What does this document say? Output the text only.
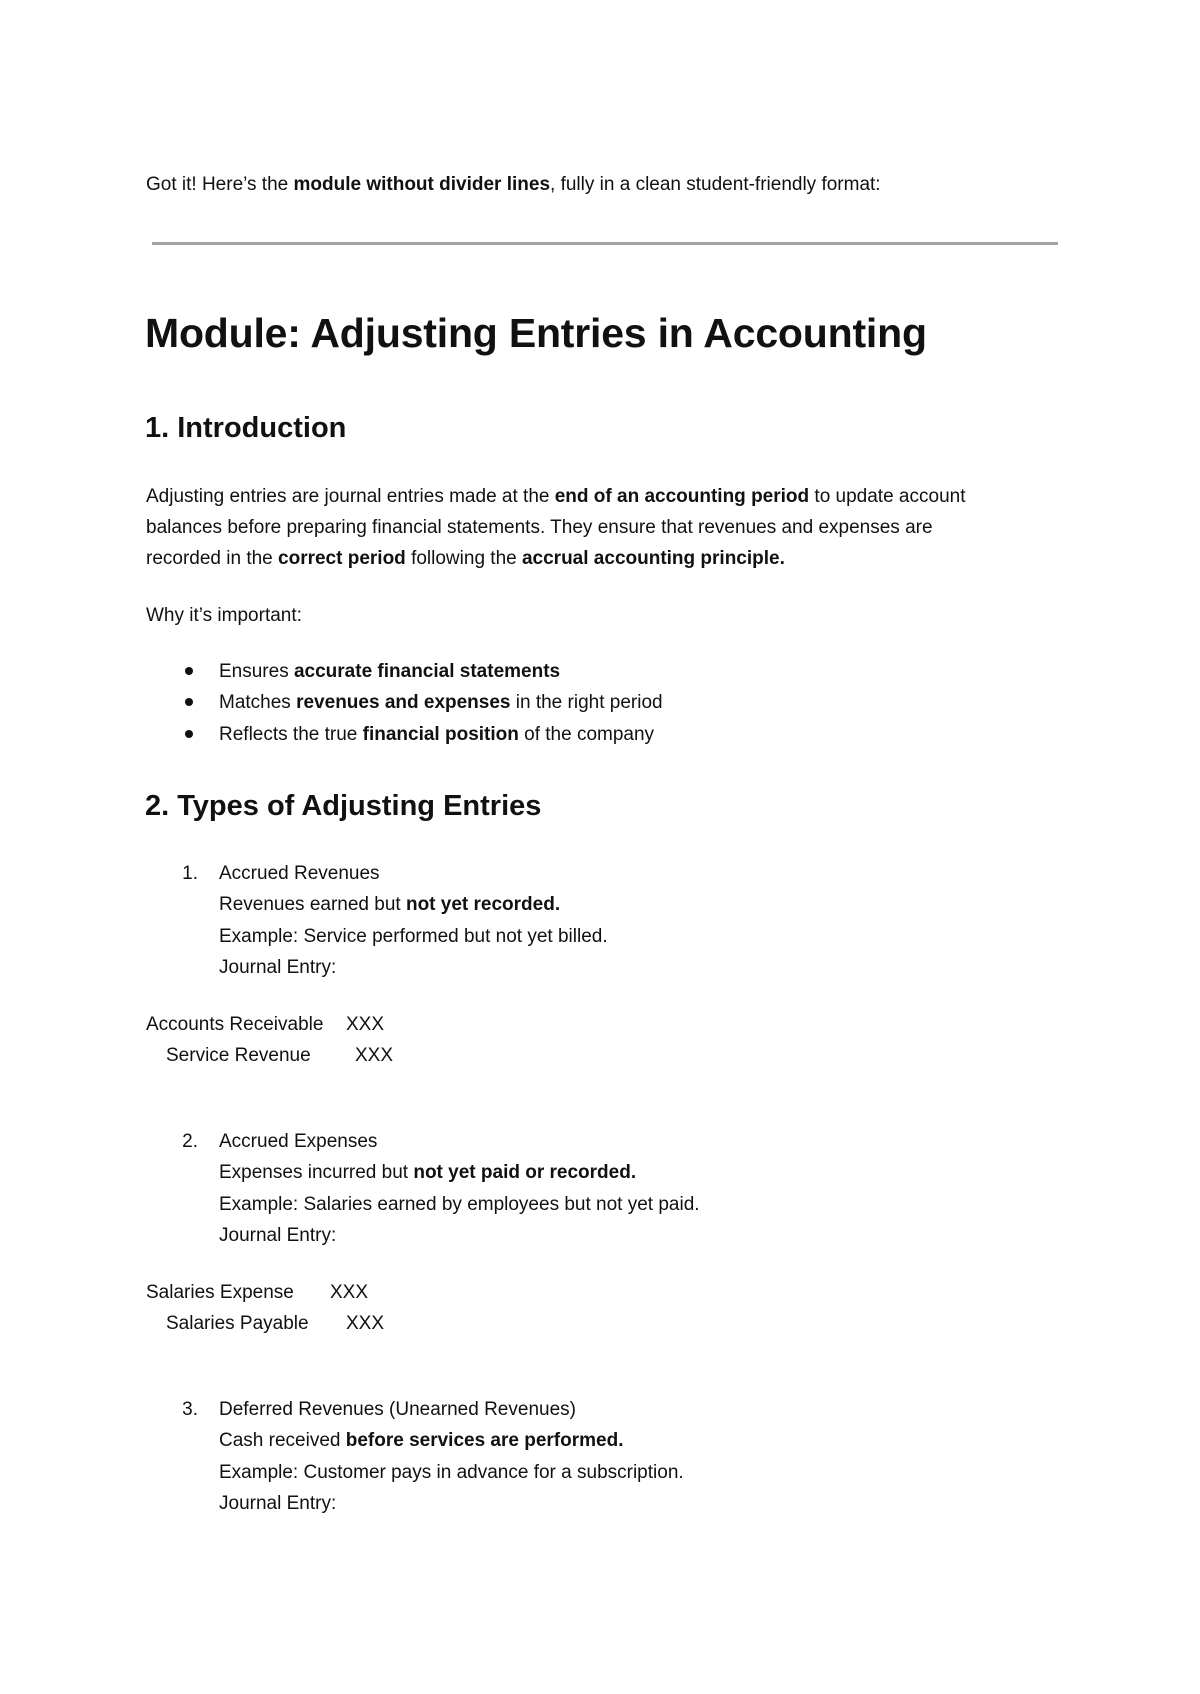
Got it! Here’s the module without divider lines, fully in a clean student-friendly format:
Module: Adjusting Entries in Accounting
1. Introduction
Adjusting entries are journal entries made at the end of an accounting period to update account
balances before preparing financial statements. They ensure that revenues and expenses are
recorded in the correct period following the accrual accounting principle.
Why it’s important:
Ensures accurate financial statements
Matches revenues and expenses in the right period
Reflects the true financial position of the company
2. Types of Adjusting Entries
1. Accrued Revenues
Revenues earned but not yet recorded.
Example: Service performed but not yet billed.
Journal Entry:
Accounts Receivable XXX
Service Revenue XXX
2. Accrued Expenses
Expenses incurred but not yet paid or recorded.
Example: Salaries earned by employees but not yet paid.
Journal Entry:
Salaries Expense XXX
Salaries Payable XXX
3. Deferred Revenues (Unearned Revenues)
Cash received before services are performed.
Example: Customer pays in advance for a subscription.
Journal Entry:
